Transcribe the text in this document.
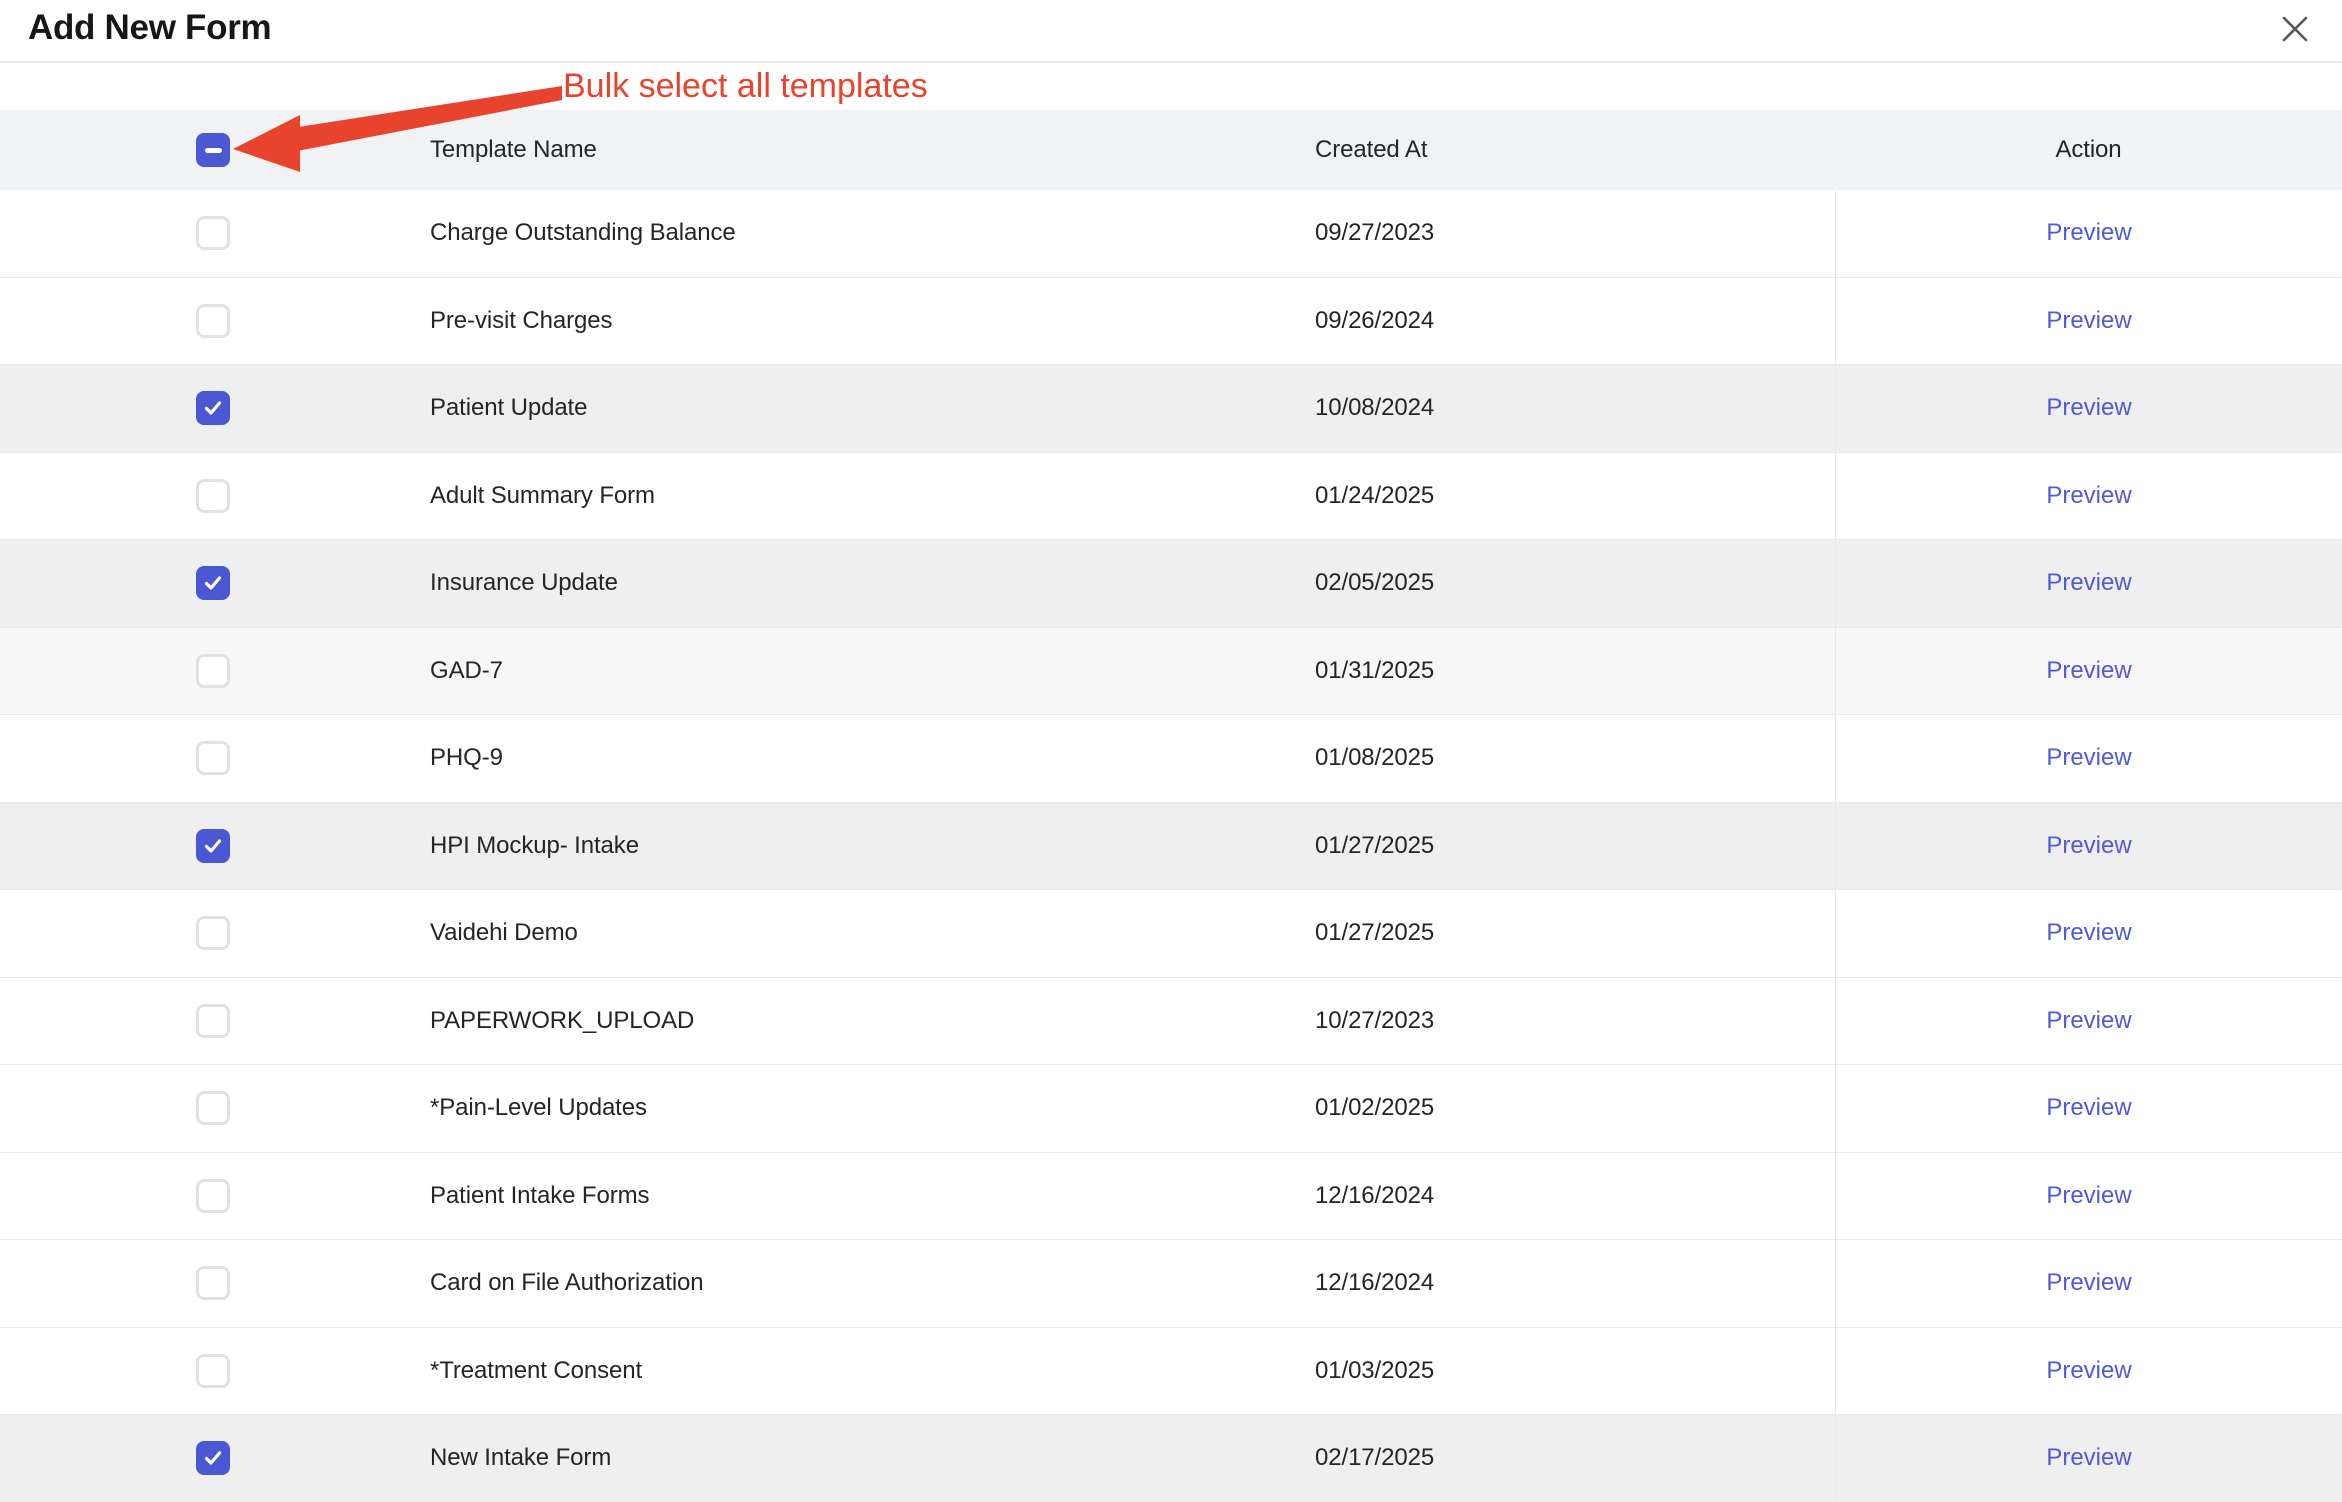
Add New Form
Bulk select all templates
Template Name	Created At	Action
Charge Outstanding Balance	09/27/2023	Preview
Pre-visit Charges	09/26/2024	Preview
Patient Update	10/08/2024	Preview
Adult Summary Form	01/24/2025	Preview
Insurance Update	02/05/2025	Preview
GAD-7	01/31/2025	Preview
PHQ-9	01/08/2025	Preview
HPI Mockup- Intake	01/27/2025	Preview
Vaidehi Demo	01/27/2025	Preview
PAPERWORK_UPLOAD	10/27/2023	Preview
*Pain-Level Updates	01/02/2025	Preview
Patient Intake Forms	12/16/2024	Preview
Card on File Authorization	12/16/2024	Preview
*Treatment Consent	01/03/2025	Preview
New Intake Form	02/17/2025	Preview
